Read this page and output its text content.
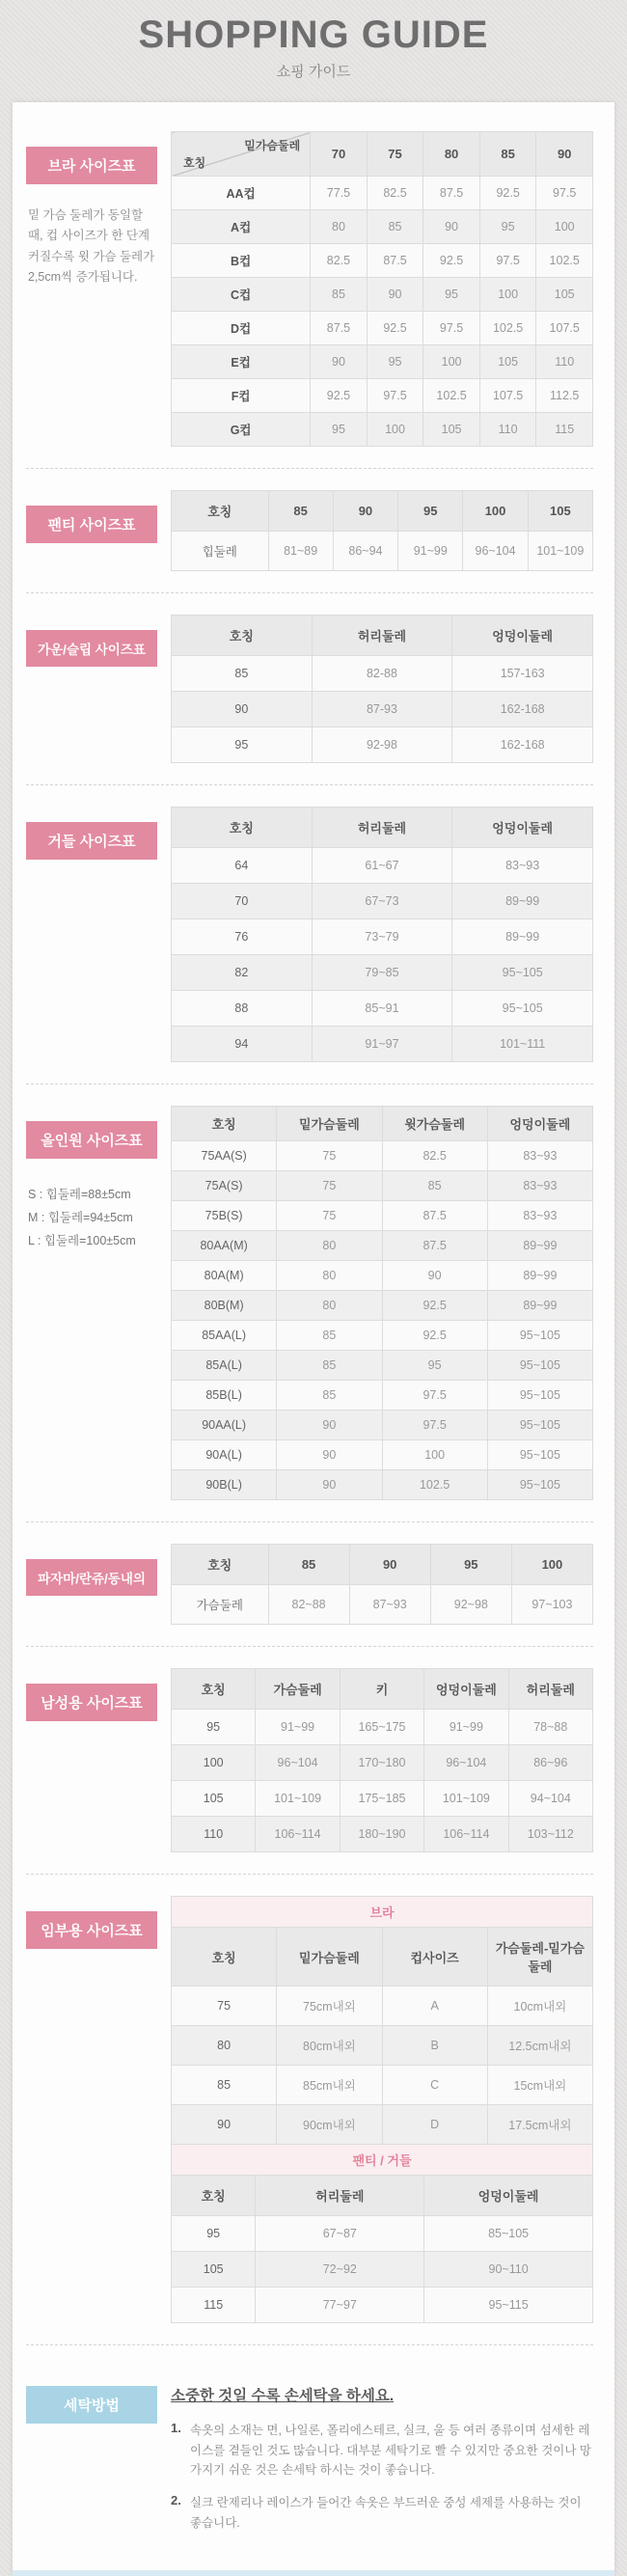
SHOPPING GUIDE
쇼핑 가이드
브라 사이즈표

밑 가슴 둘레가 동일할 때, 컵 사이즈가 한 단계 커질수록 윗 가슴 둘레가 2,5cm씩 증가됩니다.

밑가슴둘레
호칭	70	75	80	85	90
AA컵	77.5	82.5	87.5	92.5	97.5
A컵	80	85	90	95	100
B컵	82.5	87.5	92.5	97.5	102.5
C컵	85	90	95	100	105
D컵	87.5	92.5	97.5	102.5	107.5
E컵	90	95	100	105	110
F컵	92.5	97.5	102.5	107.5	112.5
G컵	95	100	105	110	115
팬티 사이즈표
호칭	85	90	95	100	105
힙둘레	81~89	86~94	91~99	96~104	101~109
가운/슬립 사이즈표
호칭	허리둘레	엉덩이둘레
85	82-88	157-163
90	87-93	162-168
95	92-98	162-168
거들 사이즈표
호칭	허리둘레	엉덩이둘레
64	61~67	83~93
70	67~73	89~99
76	73~79	89~99
82	79~85	95~105
88	85~91	95~105
94	91~97	101~111
올인원 사이즈표
S : 힙둘레=88±5cm
M : 힙둘레=94±5cm
L : 힙둘레=100±5cm
호칭	밑가슴둘레	윗가슴둘레	엉덩이둘레
75AA(S)	75	82.5	83~93
75A(S)	75	85	83~93
75B(S)	75	87.5	83~93
80AA(M)	80	87.5	89~99
80A(M)	80	90	89~99
80B(M)	80	92.5	89~99
85AA(L)	85	92.5	95~105
85A(L)	85	95	95~105
85B(L)	85	97.5	95~105
90AA(L)	90	97.5	95~105
90A(L)	90	100	95~105
90B(L)	90	102.5	95~105
파자마/란쥬/동내의
호칭	85	90	95	100
가슴둘레	82~88	87~93	92~98	97~103
남성용 사이즈표
호칭	가슴둘레	키	엉덩이둘레	허리둘레
95	91~99	165~175	91~99	78~88
100	96~104	170~180	96~104	86~96
105	101~109	175~185	101~109	94~104
110	106~114	180~190	106~114	103~112
임부용 사이즈표
브라
호칭	밑가슴둘레	컵사이즈	가슴둘레-밑가슴둘레
75	75cm내외	A	10cm내외
80	80cm내외	B	12.5cm내외
85	85cm내외	C	15cm내외
90	90cm내외	D	17.5cm내외
팬티 / 거들
호칭	허리둘레	엉덩이둘레
95	67~87	85~105
105	72~92	90~110
115	77~97	95~115
세탁방법
소중한 것일 수록 손세탁을 하세요.
1. 속옷의 소재는 면, 나일론, 폴리에스테르, 실크, 울 등 여러 종류이며 섬세한 레이스를 곁들인 것도 많습니다. 대부분 세탁기로 빨 수 있지만 중요한 것이나 망가지기 쉬운 것은 손세탁 하시는 것이 좋습니다.
2. 실크 란제리나 레이스가 들어간 속옷은 부드러운 중성 세제를 사용하는 것이 좋습니다.
